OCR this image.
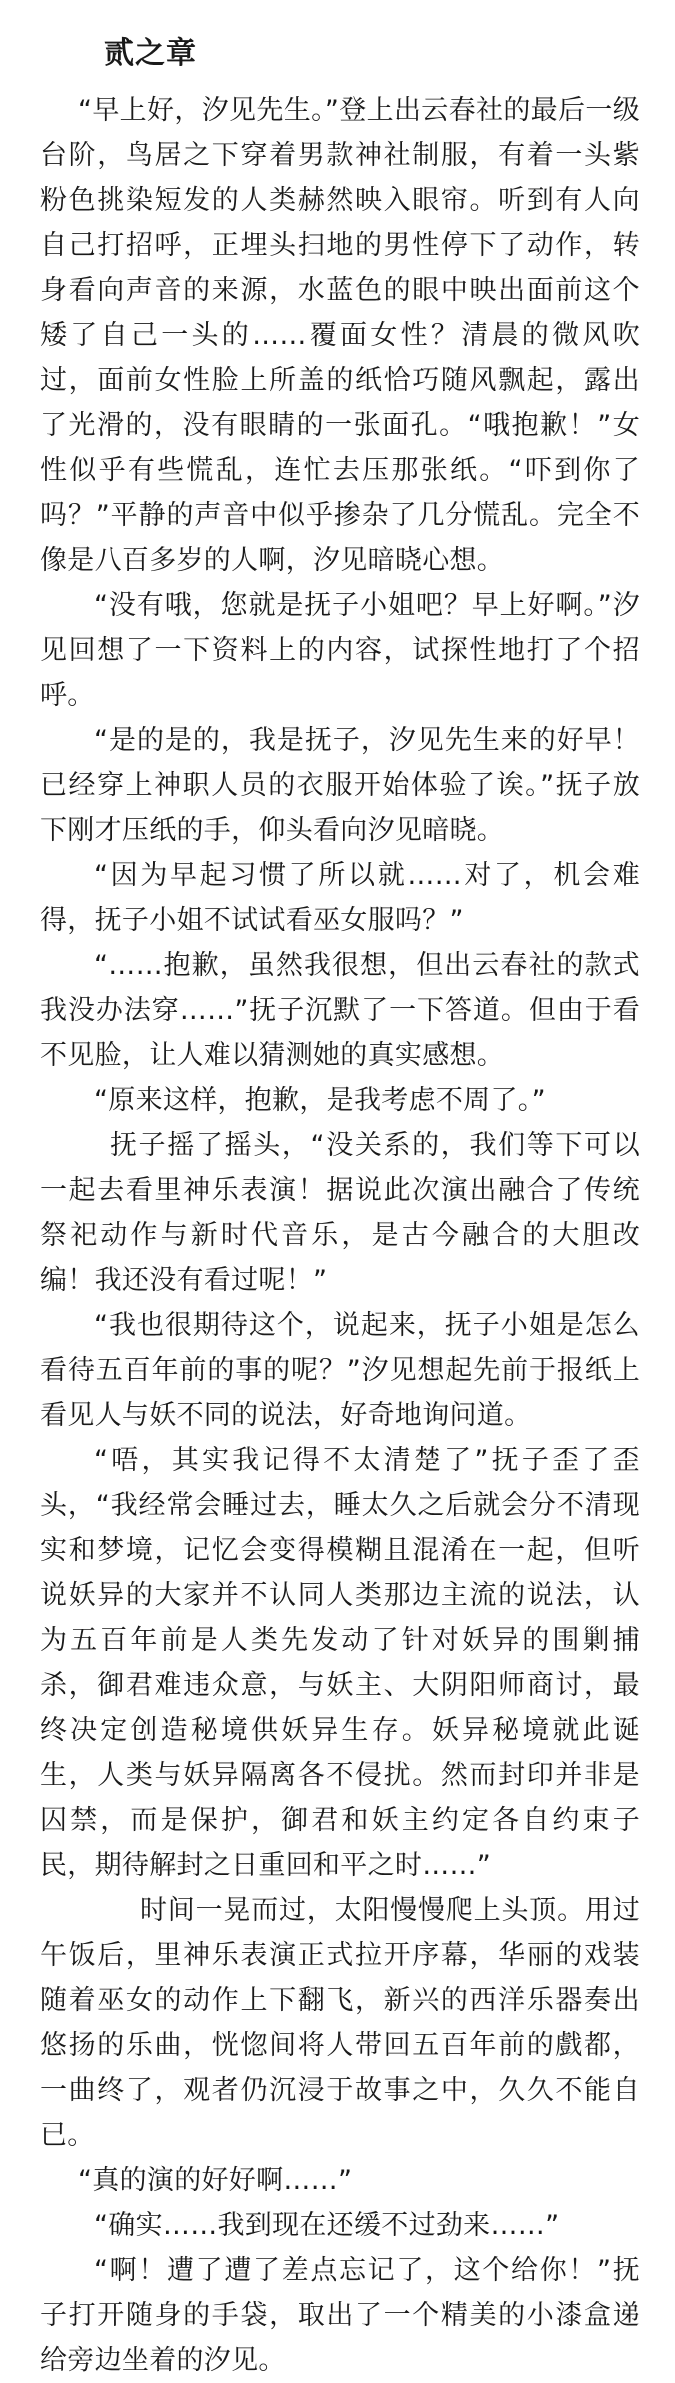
贰之章

“早上好，汐见先生。”登上出云春社的最后一级台阶，鸟居之下穿着男款神社制服，有着一头紫粉色挑染短发的人类赫然映入眼帘。听到有人向自己打招呼，正埋头扫地的男性停下了动作，转身看向声音的来源，水蓝色的眼中映出面前这个矮了自己一头的……覆面女性？清晨的微风吹过，面前女性脸上所盖的纸恰巧随风飘起，露出了光滑的，没有眼睛的一张面孔。“哦抱歉！”女性似乎有些慌乱，连忙去压那张纸。“吓到你了吗？”平静的声音中似乎掺杂了几分慌乱。完全不像是八百多岁的人啊，汐见暗晓心想。

“没有哦，您就是抚子小姐吧？早上好啊。”汐见回想了一下资料上的内容，试探性地打了个招呼。

“是的是的，我是抚子，汐见先生来的好早！已经穿上神职人员的衣服开始体验了诶。”抚子放下刚才压纸的手，仰头看向汐见暗晓。

“因为早起习惯了所以就……对了，机会难得，抚子小姐不试试看巫女服吗？”

“……抱歉，虽然我很想，但出云春社的款式我没办法穿……”抚子沉默了一下答道。但由于看不见脸，让人难以猜测她的真实感想。

“原来这样，抱歉，是我考虑不周了。”

抚子摇了摇头，“没关系的，我们等下可以一起去看里神乐表演！据说此次演出融合了传统祭祀动作与新时代音乐，是古今融合的大胆改编！我还没有看过呢！”

“我也很期待这个，说起来，抚子小姐是怎么看待五百年前的事的呢？”汐见想起先前于报纸上看见人与妖不同的说法，好奇地询问道。

“唔，其实我记得不太清楚了”抚子歪了歪头，“我经常会睡过去，睡太久之后就会分不清现实和梦境，记忆会变得模糊且混淆在一起，但听说妖异的大家并不认同人类那边主流的说法，认为五百年前是人类先发动了针对妖异的围剿捕杀，御君难违众意，与妖主、大阴阳师商讨，最终决定创造秘境供妖异生存。妖异秘境就此诞生，人类与妖异隔离各不侵扰。然而封印并非是囚禁，而是保护，御君和妖主约定各自约束子民，期待解封之日重回和平之时……”

时间一晃而过，太阳慢慢爬上头顶。用过午饭后，里神乐表演正式拉开序幕，华丽的戏装随着巫女的动作上下翻飞，新兴的西洋乐器奏出悠扬的乐曲，恍惚间将人带回五百年前的戲都，一曲终了，观者仍沉浸于故事之中，久久不能自已。

“真的演的好好啊……”

“确实……我到现在还缓不过劲来……”

“啊！遭了遭了差点忘记了，这个给你！”抚子打开随身的手袋，取出了一个精美的小漆盒递给旁边坐着的汐见。
